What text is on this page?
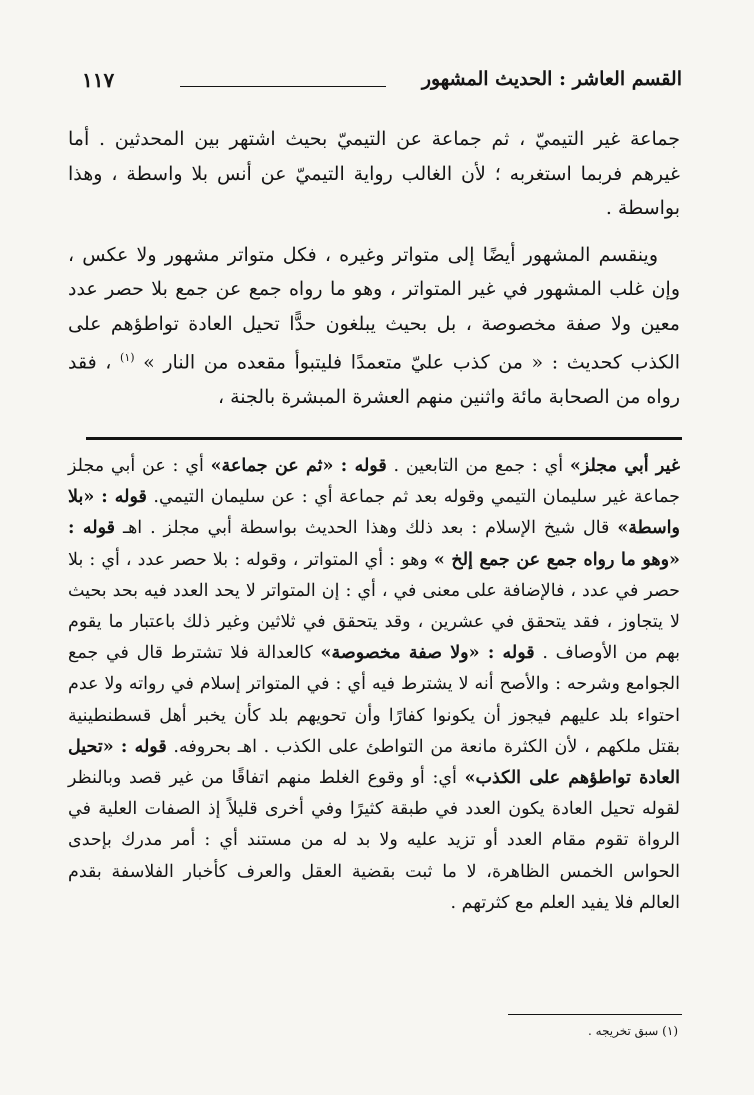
القسم العاشر : الحديث المشهور
١١٧

جماعة غير التيميّ ، ثم جماعة عن التيميّ بحيث اشتهر بين المحدثين . أما غيرهم فربما استغربه ؛ لأن الغالب رواية التيميّ عن أنس بلا واسطة ، وهذا بواسطة .

وينقسم المشهور أيضًا إلى متواتر وغيره ، فكل متواتر مشهور ولا عكس ، وإن غلب المشهور في غير المتواتر ، وهو ما رواه جمع عن جمع بلا حصر عدد معين ولا صفة مخصوصة ، بل بحيث يبلغون حدًّا تحيل العادة تواطؤهم على الكذب كحديث : « من كذب عليّ متعمدًا فليتبوأ مقعده من النار » $^{(١)}$ ، فقد رواه من الصحابة مائة واثنين منهم العشرة المبشرة بالجنة ،

غير أبي مجلز» أي : جمع من التابعين . قوله : «ثم عن جماعة» أي : عن أبي مجلز جماعة غير سليمان التيمي وقوله بعد ثم جماعة أي : عن سليمان التيمي. قوله : «بلا واسطة» قال شيخ الإسلام : بعد ذلك وهذا الحديث بواسطة أبي مجلز . اهـ قوله : «وهو ما رواه جمع عن جمع إلخ » وهو : أي المتواتر ، وقوله : بلا حصر عدد ، أي : بلا حصر في عدد ، فالإضافة على معنى في ، أي : إن المتواتر لا يحد العدد فيه بحد بحيث لا يتجاوز ، فقد يتحقق في عشرين ، وقد يتحقق في ثلاثين وغير ذلك باعتبار ما يقوم بهم من الأوصاف . قوله : «ولا صفة مخصوصة» كالعدالة فلا تشترط قال في جمع الجوامع وشرحه : والأصح أنه لا يشترط فيه أي : في المتواتر إسلام في رواته ولا عدم احتواء بلد عليهم فيجوز أن يكونوا كفارًا وأن تحويهم بلد كأن يخبر أهل قسطنطينية بقتل ملكهم ، لأن الكثرة مانعة من التواطئ على الكذب . اهـ بحروفه. قوله : «تحيل العادة تواطؤهم على الكذب» أي: أو وقوع الغلط منهم اتفاقًا من غير قصد وبالنظر لقوله تحيل العادة يكون العدد في طبقة كثيرًا وفي أخرى قليلاً إذ الصفات العلية في الرواة تقوم مقام العدد أو تزيد عليه ولا بد له من مستند أي : أمر مدرك بإحدى الحواس الخمس الظاهرة، لا ما ثبت بقضية العقل والعرف كأخبار الفلاسفة بقدم العالم فلا يفيد العلم مع كثرتهم .

(١) سبق تخريجه .
